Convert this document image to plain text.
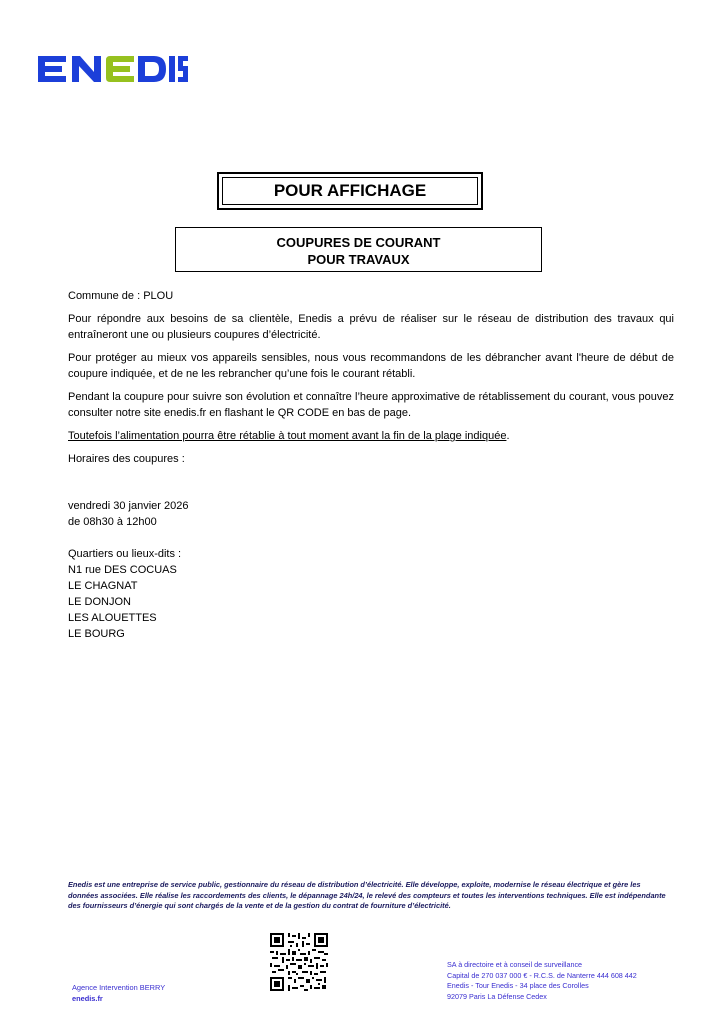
POUR AFFICHAGE
COUPURES DE COURANT
POUR TRAVAUX

Commune de : PLOU

Pour répondre aux besoins de sa clientèle, Enedis a prévu de réaliser sur le réseau de distribution des travaux qui entraîneront une ou plusieurs coupures d’électricité.

Pour protéger au mieux vos appareils sensibles, nous vous recommandons de les débrancher avant l'heure de début de coupure indiquée, et de ne les rebrancher qu’une fois le courant rétabli.

Pendant la coupure pour suivre son évolution et connaître l’heure approximative de rétablissement du courant, vous pouvez consulter notre site enedis.fr en flashant le QR CODE en bas de page.

Toutefois l’alimentation pourra être rétablie à tout moment avant la fin de la plage indiquée.

Horaires des coupures :

vendredi 30 janvier 2026
de 08h30 à 12h00
Quartiers ou lieux-dits :
N1 rue DES COCUAS
LE CHAGNAT
LE DONJON
LES ALOUETTES
LE BOURG
Enedis est une entreprise de service public, gestionnaire du réseau de distribution d’électricité. Elle développe, exploite, modernise le réseau électrique et gère les données associées. Elle réalise les raccordements des clients, le dépannage 24h/24, le relevé des compteurs et toutes les interventions techniques. Elle est indépendante des fournisseurs d’énergie qui sont chargés de la vente et de la gestion du contrat de fourniture d’électricité.
Agence Intervention BERRY
enedis.fr
SA à directoire et à conseil de surveillance
Capital de 270 037 000 € - R.C.S. de Nanterre 444 608 442
Enedis - Tour Enedis - 34 place des Corolles
92079 Paris La Défense Cedex
